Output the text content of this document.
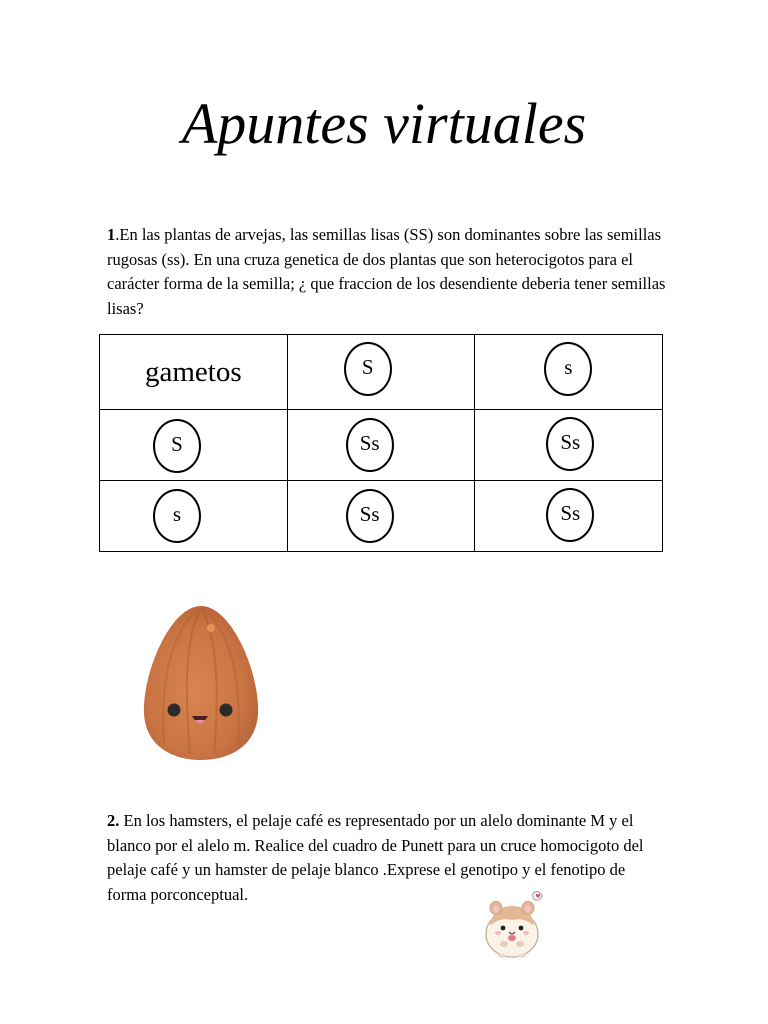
Apuntes virtuales
1.En las plantas de arvejas, las semillas lisas (SS) son dominantes sobre las semillas rugosas (ss). En una cruza genetica de dos plantas que son heterocigotos para el carácter forma de la semilla; ¿ que fraccion de los desendiente deberia tener semillas lisas?
gametos	S	s

S	Ss	Ss

s	Ss	Ss
2. En los hamsters, el pelaje café es representado por un alelo dominante M y el blanco por el alelo m. Realice del cuadro de Punett para un cruce homocigoto del pelaje café y un hamster de pelaje blanco .Exprese el genotipo y el fenotipo de forma porconceptual.
